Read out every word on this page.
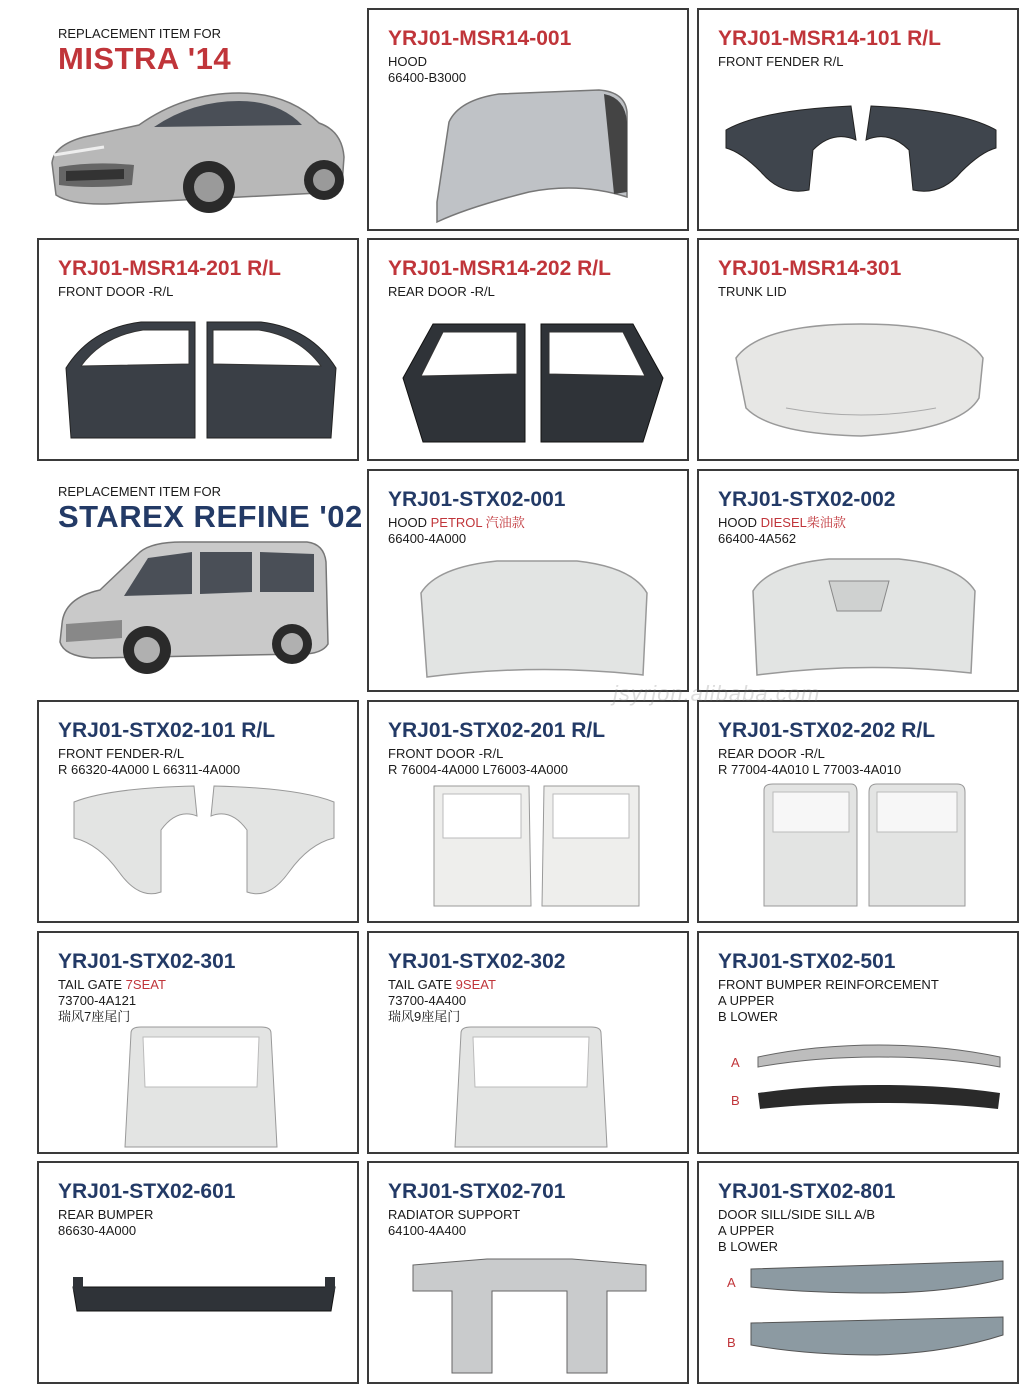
REPLACEMENT ITEM FOR
MISTRA '14
REPLACEMENT ITEM FOR
STAREX REFINE '02
YRJ01-MSR14-001
HOOD
66400-B3000
YRJ01-MSR14-101 R/L
FRONT FENDER R/L
YRJ01-MSR14-201 R/L
FRONT DOOR -R/L
YRJ01-MSR14-202 R/L
REAR DOOR -R/L
YRJ01-MSR14-301
TRUNK LID
YRJ01-STX02-001
HOOD PETROL 汽油款
66400-4A000
YRJ01-STX02-002
HOOD DIESEL柴油款
66400-4A562
YRJ01-STX02-101 R/L
FRONT FENDER-R/L
R 66320-4A000 L 66311-4A000
YRJ01-STX02-201 R/L
FRONT DOOR -R/L
R 76004-4A000 L76003-4A000
YRJ01-STX02-202 R/L
REAR DOOR -R/L
R 77004-4A010 L 77003-4A010
YRJ01-STX02-301
TAIL GATE 7SEAT
73700-4A121
瑞风7座尾门
YRJ01-STX02-302
TAIL GATE 9SEAT
73700-4A400
瑞风9座尾门
YRJ01-STX02-501
FRONT BUMPER REINFORCEMENT
A UPPER
B LOWER
A
B
YRJ01-STX02-601
REAR BUMPER
86630-4A000
YRJ01-STX02-701
RADIATOR SUPPORT
64100-4A400
YRJ01-STX02-801
DOOR SILL/SIDE SILL A/B
A UPPER
B LOWER
A
B
jsyrjon.alibaba.com
